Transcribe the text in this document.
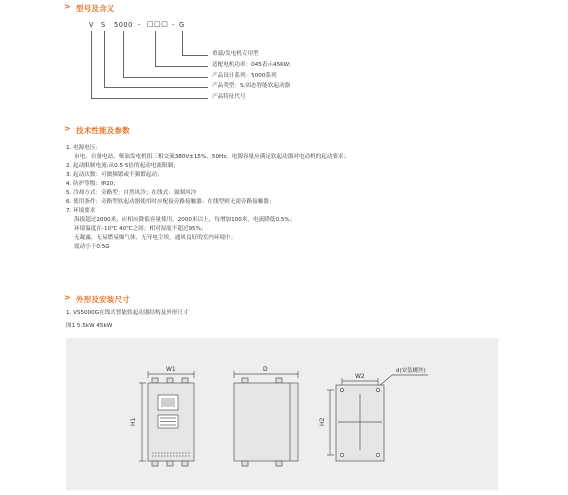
> 型号及含义
V S 5000 - □□□ - G
重载/发电机专用型
适配电机功率：045表示45KW;
产品设计系列：5000系列
产品类型：S:固态智能软起动器
产品特征代号
> 技术性能及参数
1. 电源电压:
市电、自备电站、柴油发电机组三相交流380V±15%、50Hz。电源容量应满足软起动器对电动机的起动要求；
2. 起动限制电流:从0.5 5倍的起动电流限制；
3. 起动次数：可做频繁或不频繁起动；
4. 防护等级：IP20；
5. 冷却方式：旁路型：自然风冷；在线式：强制风冷
6. 使用条件：旁路型软起动器使用时应配接旁路接触器；在线型则无需旁路接触器；
7. 环境要求
海拔超过2000米，应相应降低容量使用，2000米以上，每增加100米，电流降低0.5%；
环境温度在-10℃ 40℃之间；相对湿度不超过95%；
无凝露、无易燃易爆气体、无导电尘埃，通风良好的室内环境中。
震动小于0.5G
> 外形及安装尺寸
1. VS5000G在线式智能软起动器结构及外形尺寸
图1 5.5kW 45kW
W1
H1
D
W2
H2
d(安装螺丝)
